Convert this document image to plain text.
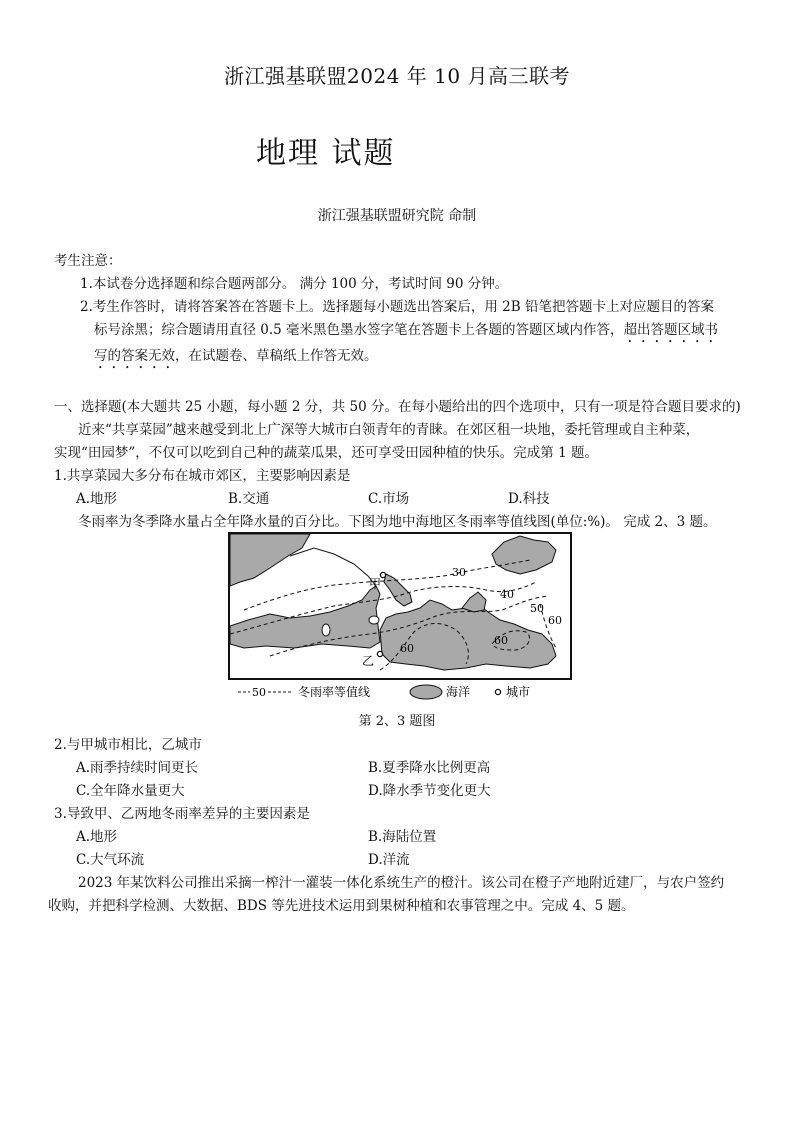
浙江强基联盟2024 年 10 月高三联考
地理 试题
浙江强基联盟研究院 命制
考生注意：
1.本试卷分选择题和综合题两部分。 满分 100 分，考试时间 90 分钟。
2.考生作答时，请将答案答在答题卡上。选择题每小题选出答案后，用 2B 铅笔把答题卡上对应题目的答案
标号涂黑；综合题请用直径 0.5 毫米黑色墨水签字笔在答题卡上各题的答题区域内作答，超出答题区域书
写的答案无效，在试题卷、草稿纸上作答无效。
一、选择题(本大题共 25 小题，每小题 2 分，共 50 分。在每小题给出的四个选项中，只有一项是符合题目要求的)
近来“共享菜园”越来越受到北上广深等大城市白领青年的青睐。在郊区租一块地，委托管理或自主种菜，
实现“田园梦”，不仅可以吃到自己种的蔬菜瓜果，还可享受田园种植的快乐。完成第 1 题。
1.共享菜园大多分布在城市郊区，主要影响因素是
A.地形	B.交通	C.市场	D.科技
冬雨率为冬季降水量占全年降水量的百分比。下图为地中海地区冬雨率等值线图(单位:%)。 完成 2、3 题。
甲
乙
30
40
50
60
60
60
50	冬雨率等值线	海洋	城市
第 2、3 题图
2.与甲城市相比，乙城市
A.雨季持续时间更长	B.夏季降水比例更高
C.全年降水量更大	D.降水季节变化更大
3.导致甲、乙两地冬雨率差异的主要因素是
A.地形	B.海陆位置
C.大气环流	D.洋流
2023 年某饮料公司推出采摘一榨汁一灌装一体化系统生产的橙汁。该公司在橙子产地附近建厂，与农户签约
收购，并把科学检测、大数据、BDS 等先进技术运用到果树种植和农事管理之中。完成 4、5 题。
